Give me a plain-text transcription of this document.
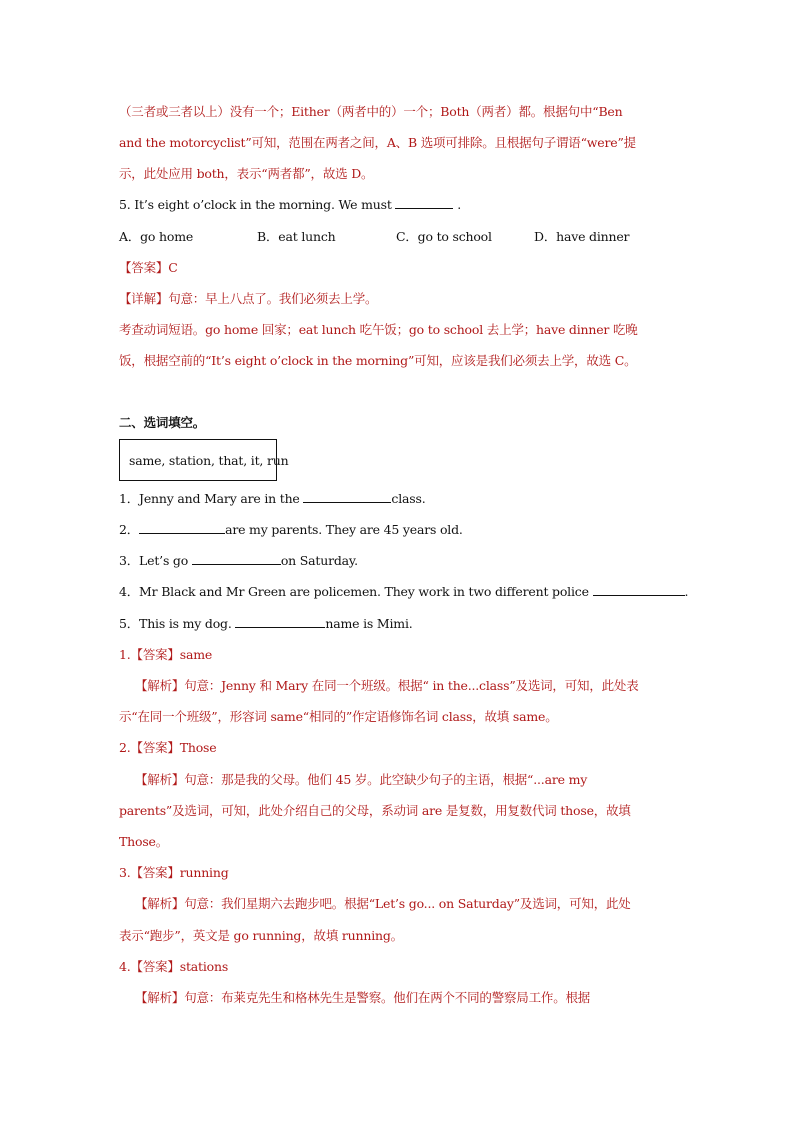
（三者或三者以上）没有一个；Either（两者中的）一个；Both（两者）都。根据句中“Ben
and the motorcyclist”可知，范围在两者之间，A、B 选项可排除。且根据句子谓语“were”提
示，此处应用 both，表示“两者都”，故选 D。
5. It’s eight o’clock in the morning. We must	.
A．go home	B．eat lunch	C．go to school	D．have dinner
【答案】C
【详解】句意：早上八点了。我们必须去上学。
考查动词短语。go home 回家；eat lunch 吃午饭；go to school 去上学；have dinner 吃晚
饭，根据空前的“It’s eight o’clock in the morning”可知，应该是我们必须去上学，故选 C。
二、选词填空。
same, station, that, it, run
1．Jenny and Mary are in the	class.
2．	are my parents. They are 45 years old.
3．Let’s go	on Saturday.
4．Mr Black and Mr Green are policemen. They work in two different police	.
5．This is my dog.	name is Mimi.
1.【答案】same
【解析】句意：Jenny 和 Mary 在同一个班级。根据“ in the...class”及选词，可知，此处表
示“在同一个班级”，形容词 same“相同的”作定语修饰名词 class，故填 same。
2.【答案】Those
【解析】句意：那是我的父母。他们 45 岁。此空缺少句子的主语，根据“...are my
parents”及选词，可知，此处介绍自己的父母，系动词 are 是复数，用复数代词 those，故填
Those。
3.【答案】running
【解析】句意：我们星期六去跑步吧。根据“Let’s go... on Saturday”及选词，可知，此处
表示“跑步”，英文是 go running，故填 running。
4.【答案】stations
【解析】句意：布莱克先生和格林先生是警察。他们在两个不同的警察局工作。根据
